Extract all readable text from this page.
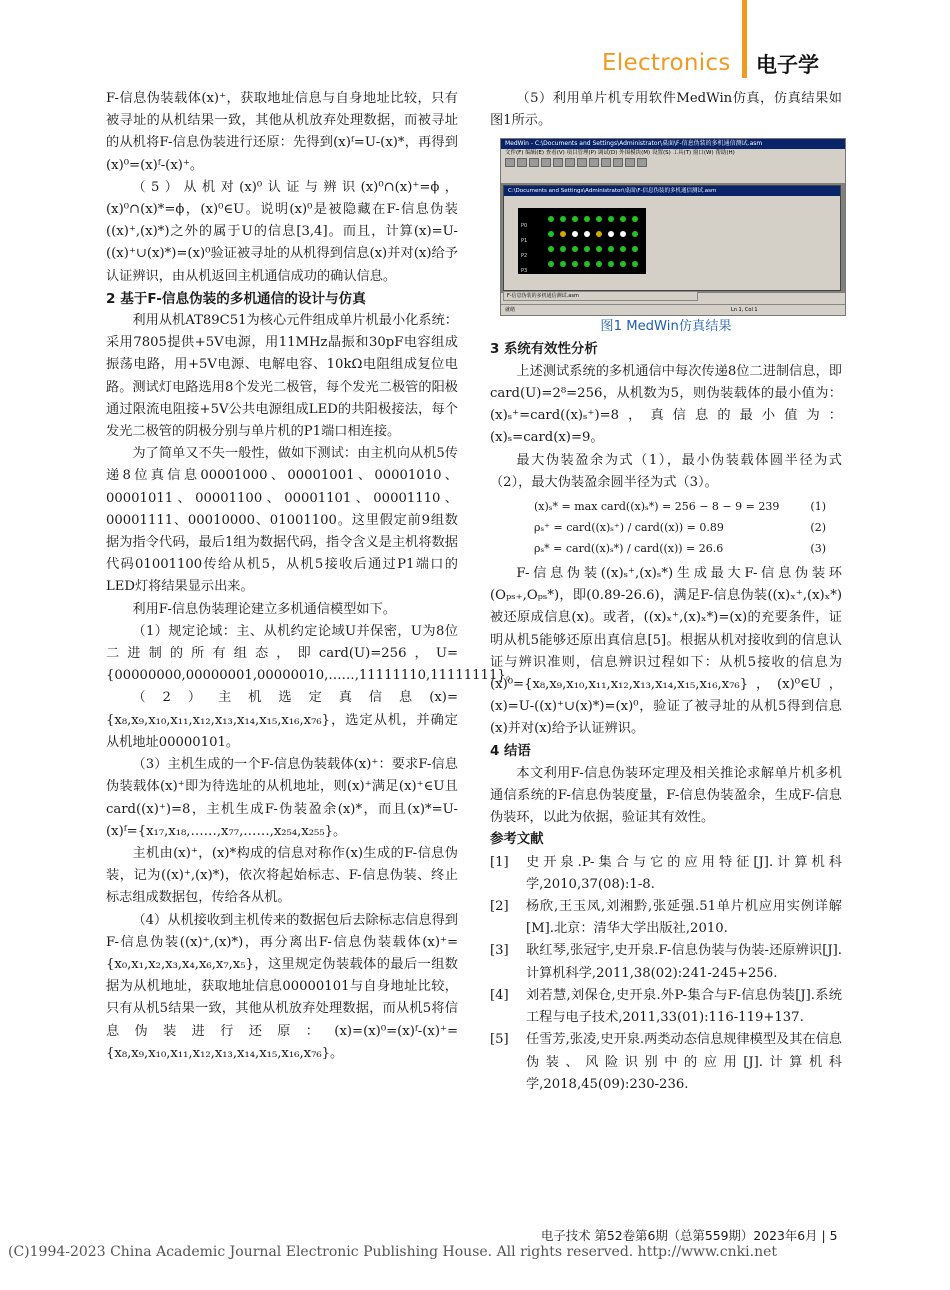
Electronics 电子学

F-信息伪装载体(x)⁺，获取地址信息与自身地址比较，只有被寻址的从机结果一致，其他从机放弃处理数据，而被寻址的从机将F-信息伪装进行还原：先得到(x)ᶠ=U-(x)*，再得到(x)⁰=(x)ᶠ-(x)⁺。

（5）从机对(x)⁰认证与辨识(x)⁰∩(x)⁺=ϕ，(x)⁰∩(x)*=ϕ，(x)⁰∈U。说明(x)⁰是被隐藏在F-信息伪装((x)⁺,(x)*)之外的属于U的信息[3,4]。而且，计算(x)=U-((x)⁺∪(x)*)=(x)⁰验证被寻址的从机得到信息(x)并对(x)给予认证辨识，由从机返回主机通信成功的确认信息。

2 基于F-信息伪装的多机通信的设计与仿真

利用从机AT89C51为核心元件组成单片机最小化系统：采用7805提供+5V电源，用11MHz晶振和30pF电容组成振荡电路，用+5V电源、电解电容、10kΩ电阻组成复位电路。测试灯电路选用8个发光二极管，每个发光二极管的阳极通过限流电阻接+5V公共电源组成LED的共阳极接法，每个发光二极管的阴极分别与单片机的P1端口相连接。

为了简单又不失一般性，做如下测试：由主机向从机5传递8位真信息00001000、00001001、00001010、00001011、00001100、00001101、00001110、00001111、00010000、01001100。这里假定前9组数据为指令代码，最后1组为数据代码，指令含义是主机将数据代码01001100传给从机5，从机5接收后通过P1端口的LED灯将结果显示出来。

利用F-信息伪装理论建立多机通信模型如下。

（1）规定论域：主、从机约定论域U并保密，U为8位二进制的所有组态，即card(U)=256，U={00000000,00000001,00000010,……,11111110,11111111}。

（2）主机选定真信息(x)={x₈,x₉,x₁₀,x₁₁,x₁₂,x₁₃,x₁₄,x₁₅,x₁₆,x₇₆}，选定从机，并确定从机地址00000101。

（3）主机生成的一个F-信息伪装载体(x)⁺：要求F-信息伪装载体(x)⁺即为待选址的从机地址，则(x)⁺满足(x)⁺∈U且card((x)⁺)=8，主机生成F-伪装盈余(x)*，而且(x)*=U-(x)ᶠ={x₁₇,x₁₈,……,x₇₇,……,x₂₅₄,x₂₅₅}。

主机由(x)⁺，(x)*构成的信息对称作(x)生成的F-信息伪装，记为((x)⁺,(x)*)，依次将起始标志、F-信息伪装、终止标志组成数据包，传给各从机。

（4）从机接收到主机传来的数据包后去除标志信息得到F-信息伪装((x)⁺,(x)*)，再分离出F-信息伪装载体(x)⁺={x₀,x₁,x₂,x₃,x₄,x₆,x₇,x₅}，这里规定伪装载体的最后一组数据为从机地址，获取地址信息00000101与自身地址比较，只有从机5结果一致，其他从机放弃处理数据，而从机5将信息伪装进行还原：(x)=(x)⁰=(x)ᶠ-(x)⁺={x₈,x₉,x₁₀,x₁₁,x₁₂,x₁₃,x₁₄,x₁₅,x₁₆,x₇₆}。

（5）利用单片机专用软件MedWin仿真，仿真结果如图1所示。

MedWin - C:\Documents and Settings\Administrator\桌面\F-信息伪装的多机通信测试.asm
文件(F) 编辑(E) 查看(V) 项目管理(P) 调试(D) 外围模块(M) 设置(S) 工具(T) 窗口(W) 帮助(H)
C:\Documents and Settings\Administrator\桌面\F-信息伪装的多机通信测试.asm
P0
P1
P2
P3
F-信息伪装的多机通信测试.asm
就绪	Ln 1, Col 1

图1 MedWin仿真结果

3 系统有效性分析

上述测试系统的多机通信中每次传递8位二进制信息，即card(U)=2⁸=256，从机数为5，则伪装载体的最小值为：(x)ₛ⁺=card((x)ₛ⁺)=8，真信息的最小值为：(x)ₛ=card(x)=9。

最大伪装盈余为式（1），最小伪装载体圆半径为式（2），最大伪装盈余圆半径为式（3）。

(x)ₛ* = max card((x)ₛ*) = 256 − 8 − 9 = 239	(1)
ρₛ⁺ = card((x)ₛ⁺) / card((x)) = 0.89	(2)
ρₛ* = card((x)ₛ*) / card((x)) = 26.6	(3)

F-信息伪装((x)ₛ⁺,(x)ₛ*)生成最大F-信息伪装环(Oₚₛ₊,Oₚₛ*)，即(0.89-26.6)，满足F-信息伪装((x)ₓ⁺,(x)ₓ*)被还原成信息(x)。或者，((x)ₓ⁺,(x)ₓ*)=(x)的充要条件，证明从机5能够还原出真信息[5]。根据从机对接收到的信息认证与辨识准则，信息辨识过程如下：从机5接收的信息为(x)⁰={x₈,x₉,x₁₀,x₁₁,x₁₂,x₁₃,x₁₄,x₁₅,x₁₆,x₇₆}，(x)⁰∈U，(x)=U-((x)⁺∪(x)*)=(x)⁰，验证了被寻址的从机5得到信息(x)并对(x)给予认证辨识。

4 结语

本文利用F-信息伪装环定理及相关推论求解单片机多机通信系统的F-信息伪装度量，F-信息伪装盈余，生成F-信息伪装环，以此为依据，验证其有效性。

参考文献

[1]	史开泉.P-集合与它的应用特征[J].计算机科学,2010,37(08):1-8.
[2]	杨欣,王玉凤,刘湘黔,张延强.51单片机应用实例详解[M].北京：清华大学出版社,2010.
[3]	耿红琴,张冠宇,史开泉.F-信息伪装与伪装-还原辨识[J].计算机科学,2011,38(02):241-245+256.
[4]	刘若慧,刘保仓,史开泉.外P-集合与F-信息伪装[J].系统工程与电子技术,2011,33(01):116-119+137.
[5]	任雪芳,张凌,史开泉.两类动态信息规律模型及其在信息伪装、风险识别中的应用[J].计算机科学,2018,45(09):230-236.
电子技术 第52卷第6期（总第559期）2023年6月 | 5
(C)1994-2023 China Academic Journal Electronic Publishing House. All rights reserved. http://www.cnki.net
